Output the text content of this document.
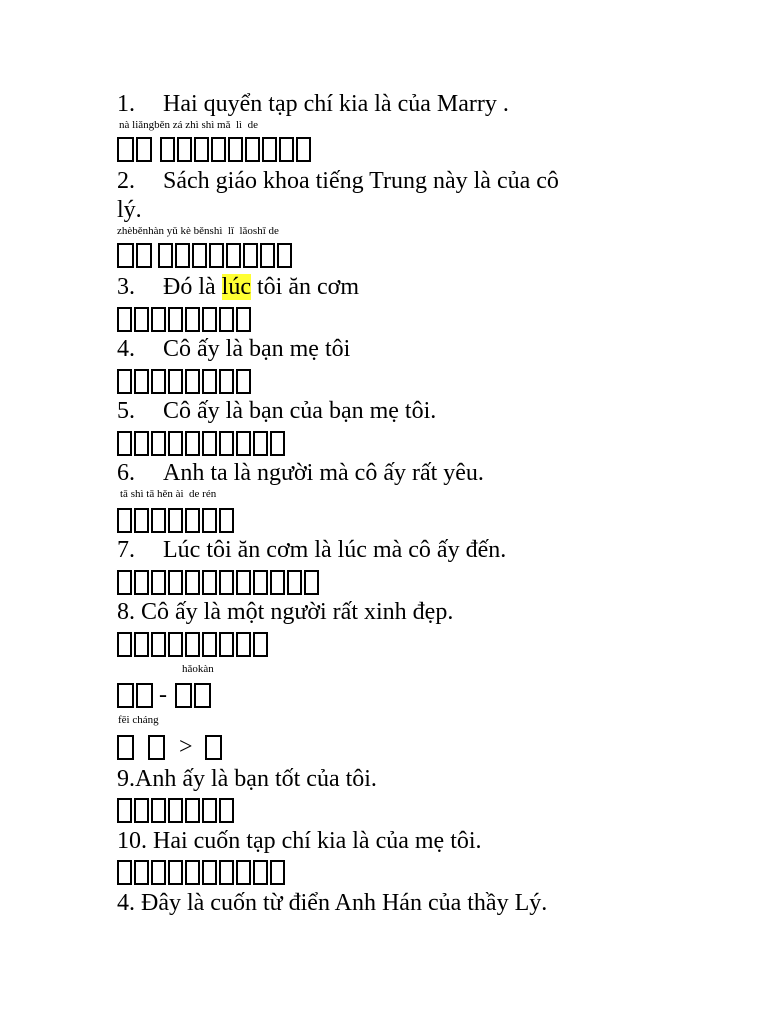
1. Hai quyển tạp chí kia là của Marry .
nà liǎngběn zá zhì shì mǎ  lì  de
2. Sách giáo khoa tiếng Trung này là của cô
lý.
zhèběnhàn yǔ kè běnshì  lǐ  lǎoshī de
3. Đó là lúc tôi ăn cơm
4. Cô ấy là bạn mẹ tôi
5. Cô ấy là bạn của bạn mẹ tôi.
6. Anh ta là người mà cô ấy rất yêu.
tā shì tā hěn ài  de rén
7. Lúc tôi ăn cơm là lúc mà cô ấy đến.
8. Cô ấy là một người rất xinh đẹp.
hǎokàn
-
fēi cháng
>
9.Anh ấy là bạn tốt của tôi.
10. Hai cuốn tạp chí kia là của mẹ tôi.
4. Đây là cuốn từ điển Anh Hán của thầy Lý.
